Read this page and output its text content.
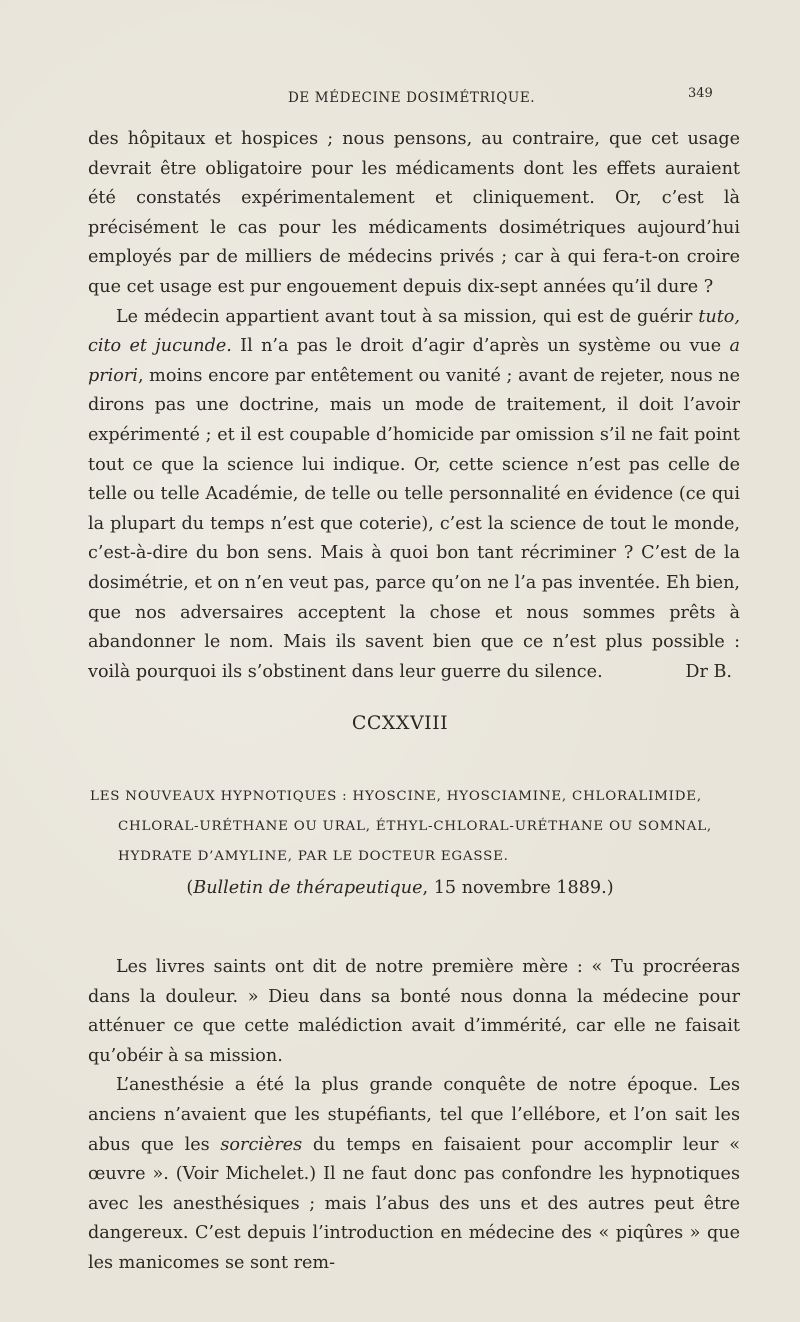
DE MÉDECINE DOSIMÉTRIQUE.	349

des hôpitaux et hospices ; nous pensons, au contraire, que cet usage devrait être obligatoire pour les médicaments dont les effets auraient été constatés expérimentalement et cliniquement. Or, c’est là précisément le cas pour les médicaments dosimétriques aujourd’hui employés par de milliers de médecins privés ; car à qui fera-t-on croire que cet usage est pur engouement depuis dix-sept années qu’il dure ?

Le médecin appartient avant tout à sa mission, qui est de guérir tuto, cito et jucunde. Il n’a pas le droit d’agir d’après un système ou vue a priori, moins encore par entêtement ou vanité ; avant de rejeter, nous ne dirons pas une doctrine, mais un mode de traitement, il doit l’avoir expérimenté ; et il est coupable d’homicide par omission s’il ne fait point tout ce que la science lui indique. Or, cette science n’est pas celle de telle ou telle Académie, de telle ou telle personnalité en évidence (ce qui la plupart du temps n’est que coterie), c’est la science de tout le monde, c’est-à-dire du bon sens. Mais à quoi bon tant récriminer ? C’est de la dosimétrie, et on n’en veut pas, parce qu’on ne l’a pas inventée. Eh bien, que nos adversaires acceptent la chose et nous sommes prêts à abandonner le nom. Mais ils savent bien que ce n’est plus possible : voilà pourquoi ils s’obstinent dans leur guerre du silence.	Dr B.
CCXXVIII
LES NOUVEAUX HYPNOTIQUES : HYOSCINE, HYOSCIAMINE, CHLORALIMIDE,
CHLORAL-URÉTHANE OU URAL, ÉTHYL-CHLORAL-URÉTHANE OU SOMNAL,
HYDRATE D’AMYLINE, PAR LE DOCTEUR EGASSE.
(Bulletin de thérapeutique, 15 novembre 1889.)

Les livres saints ont dit de notre première mère : « Tu procréeras dans la douleur. » Dieu dans sa bonté nous donna la médecine pour atténuer ce que cette malédiction avait d’immérité, car elle ne faisait qu’obéir à sa mission.

L’anesthésie a été la plus grande conquête de notre époque. Les anciens n’avaient que les stupéfiants, tel que l’ellébore, et l’on sait les abus que les sorcières du temps en faisaient pour accomplir leur « œuvre ». (Voir Michelet.) Il ne faut donc pas confondre les hypnotiques avec les anesthésiques ; mais l’abus des uns et des autres peut être dangereux. C’est depuis l’introduction en médecine des « piqûres » que les manicomes se sont rem-
